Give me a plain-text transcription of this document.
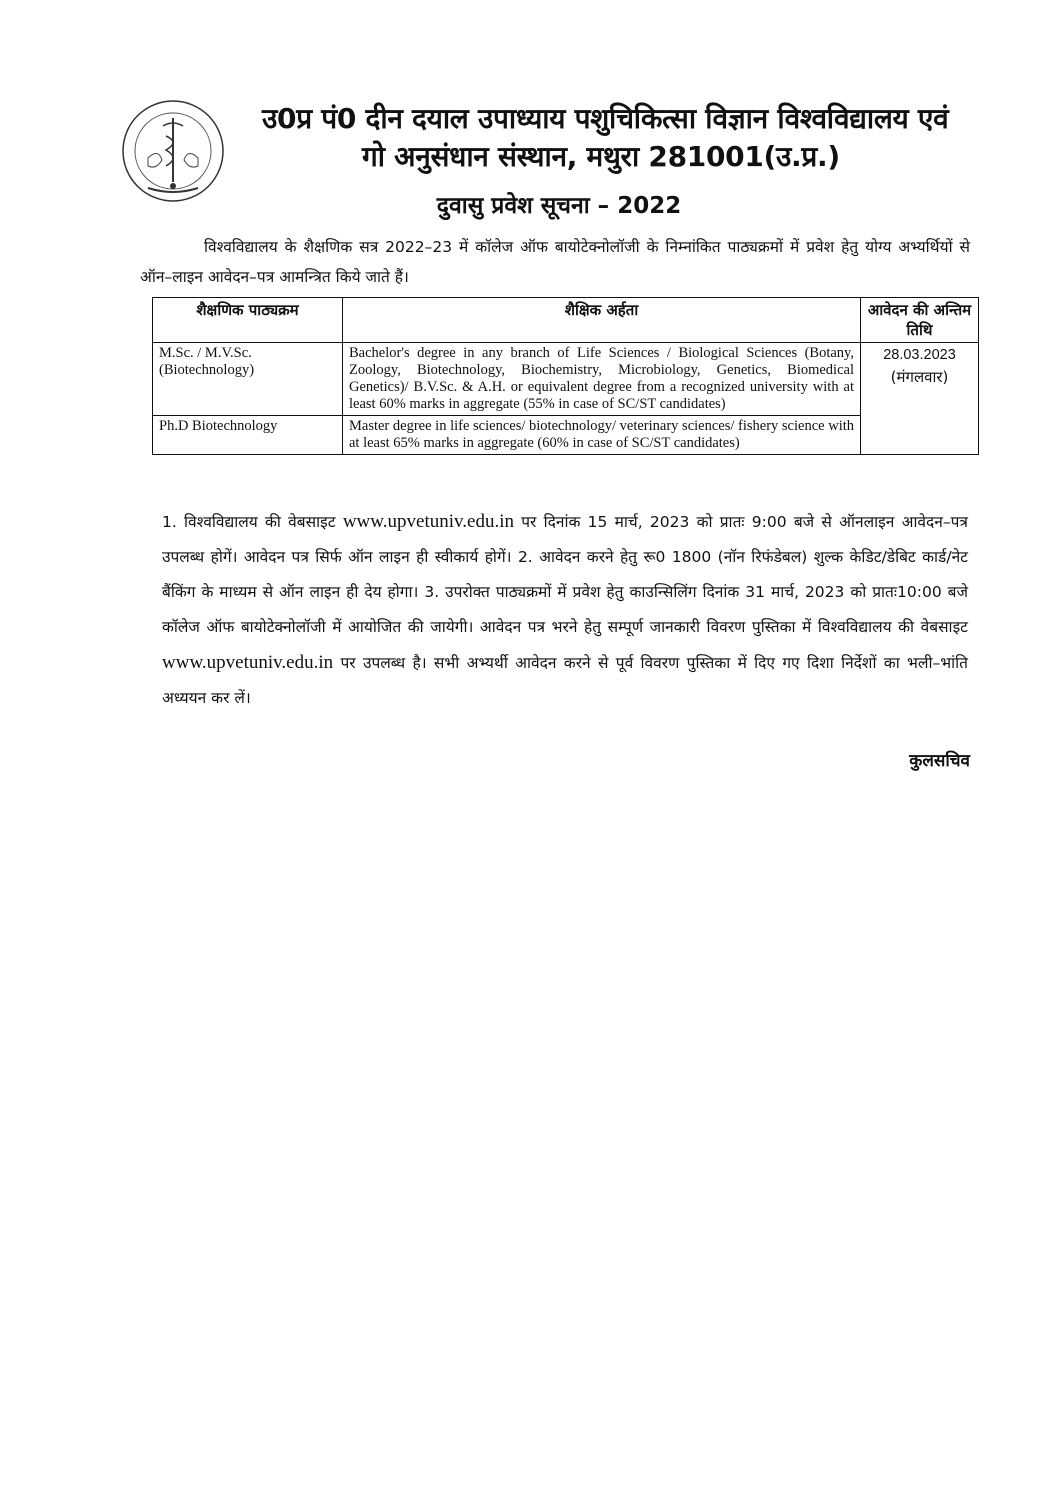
उ0प्र पं0 दीन दयाल उपाध्याय पशुचिकित्सा विज्ञान विश्वविद्यालय एवं
गो अनुसंधान संस्थान, मथुरा 281001(उ.प्र.)
दुवासु प्रवेश सूचना – 2022
विश्वविद्यालय के शैक्षणिक सत्र 2022–23 में कॉलेज ऑफ बायोटेक्नोलॉजी के निम्नांकित पाठ्यक्रमों में प्रवेश हेतु योग्य अभ्यर्थियों से ऑन–लाइन आवेदन–पत्र आमन्त्रित किये जाते हैं।
शैक्षणिक पाठ्यक्रम	शैक्षिक अर्हता	आवेदन की अन्तिम तिथि
M.Sc. / M.V.Sc. (Biotechnology)	Bachelor's degree in any branch of Life Sciences / Biological Sciences (Botany, Zoology, Biotechnology, Biochemistry, Microbiology, Genetics, Biomedical Genetics)/ B.V.Sc. & A.H. or equivalent degree from a recognized university with at least 60% marks in aggregate (55% in case of SC/ST candidates)	28.03.2023
(मंगलवार)

Ph.D Biotechnology	Master degree in life sciences/ biotechnology/ veterinary sciences/ fishery science with at least 65% marks in aggregate (60% in case of SC/ST candidates)	
1. विश्वविद्यालय की वेबसाइट www.upvetuniv.edu.in पर दिनांक 15 मार्च, 2023 को प्रातः 9:00 बजे से ऑनलाइन आवेदन–पत्र उपलब्ध होगें। आवेदन पत्र सिर्फ ऑन लाइन ही स्वीकार्य होगें। 2. आवेदन करने हेतु रू0 1800 (नॉन रिफंडेबल) शुल्क केडिट/डेबिट कार्ड/नेट बैंकिंग के माध्यम से ऑन लाइन ही देय होगा। 3. उपरोक्त पाठ्यक्रमों में प्रवेश हेतु काउन्सिलिंग दिनांक 31 मार्च, 2023 को प्रातः10:00 बजे कॉलेज ऑफ बायोटेक्नोलॉजी में आयोजित की जायेगी। आवेदन पत्र भरने हेतु सम्पूर्ण जानकारी विवरण पुस्तिका में विश्वविद्यालय की वेबसाइट www.upvetuniv.edu.in पर उपलब्ध है। सभी अभ्यर्थी आवेदन करने से पूर्व विवरण पुस्तिका में दिए गए दिशा निर्देशों का भली–भांति अध्ययन कर लें।
कुलसचिव
